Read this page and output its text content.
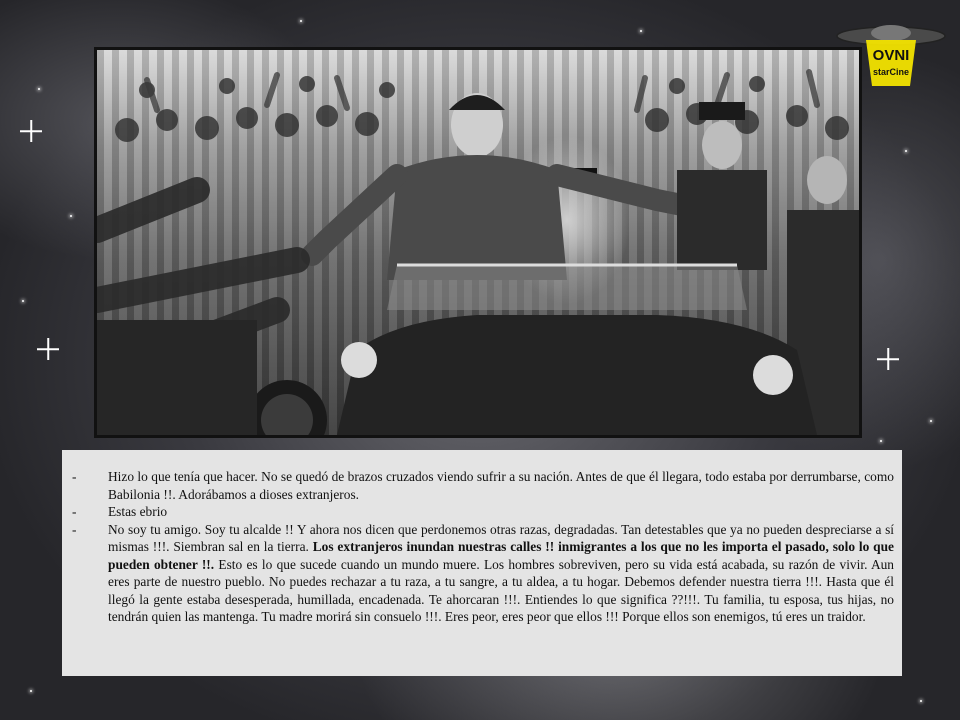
OVNI
starCine
-	Hizo lo que tenía que hacer. No se quedó de brazos cruzados viendo sufrir a su nación. Antes de que él llegara, todo estaba por derrumbarse, como Babilonia !!. Adorábamos a dioses extranjeros.
-	Estas ebrio
-	No soy tu amigo. Soy tu alcalde !! Y ahora nos dicen que perdonemos otras razas, degradadas. Tan detestables que ya no pueden despreciarse a sí mismas !!!. Siembran sal en la tierra. Los extranjeros inundan nuestras calles !! inmigrantes a los que no les importa el pasado, solo lo que pueden obtener !!. Esto es lo que sucede cuando un mundo muere. Los hombres sobreviven, pero su vida está acabada, su razón de vivir. Aun eres parte de nuestro pueblo. No puedes rechazar a tu raza, a tu sangre, a tu aldea, a tu hogar. Debemos defender nuestra tierra !!!. Hasta que él llegó la gente estaba desesperada, humillada, encadenada. Te ahorcaran !!!. Entiendes lo que significa ??!!!. Tu familia, tu esposa, tus hijas, no tendrán quien las mantenga. Tu madre morirá sin consuelo !!!. Eres peor, eres peor que ellos !!! Porque ellos son enemigos, tú eres un traidor.
